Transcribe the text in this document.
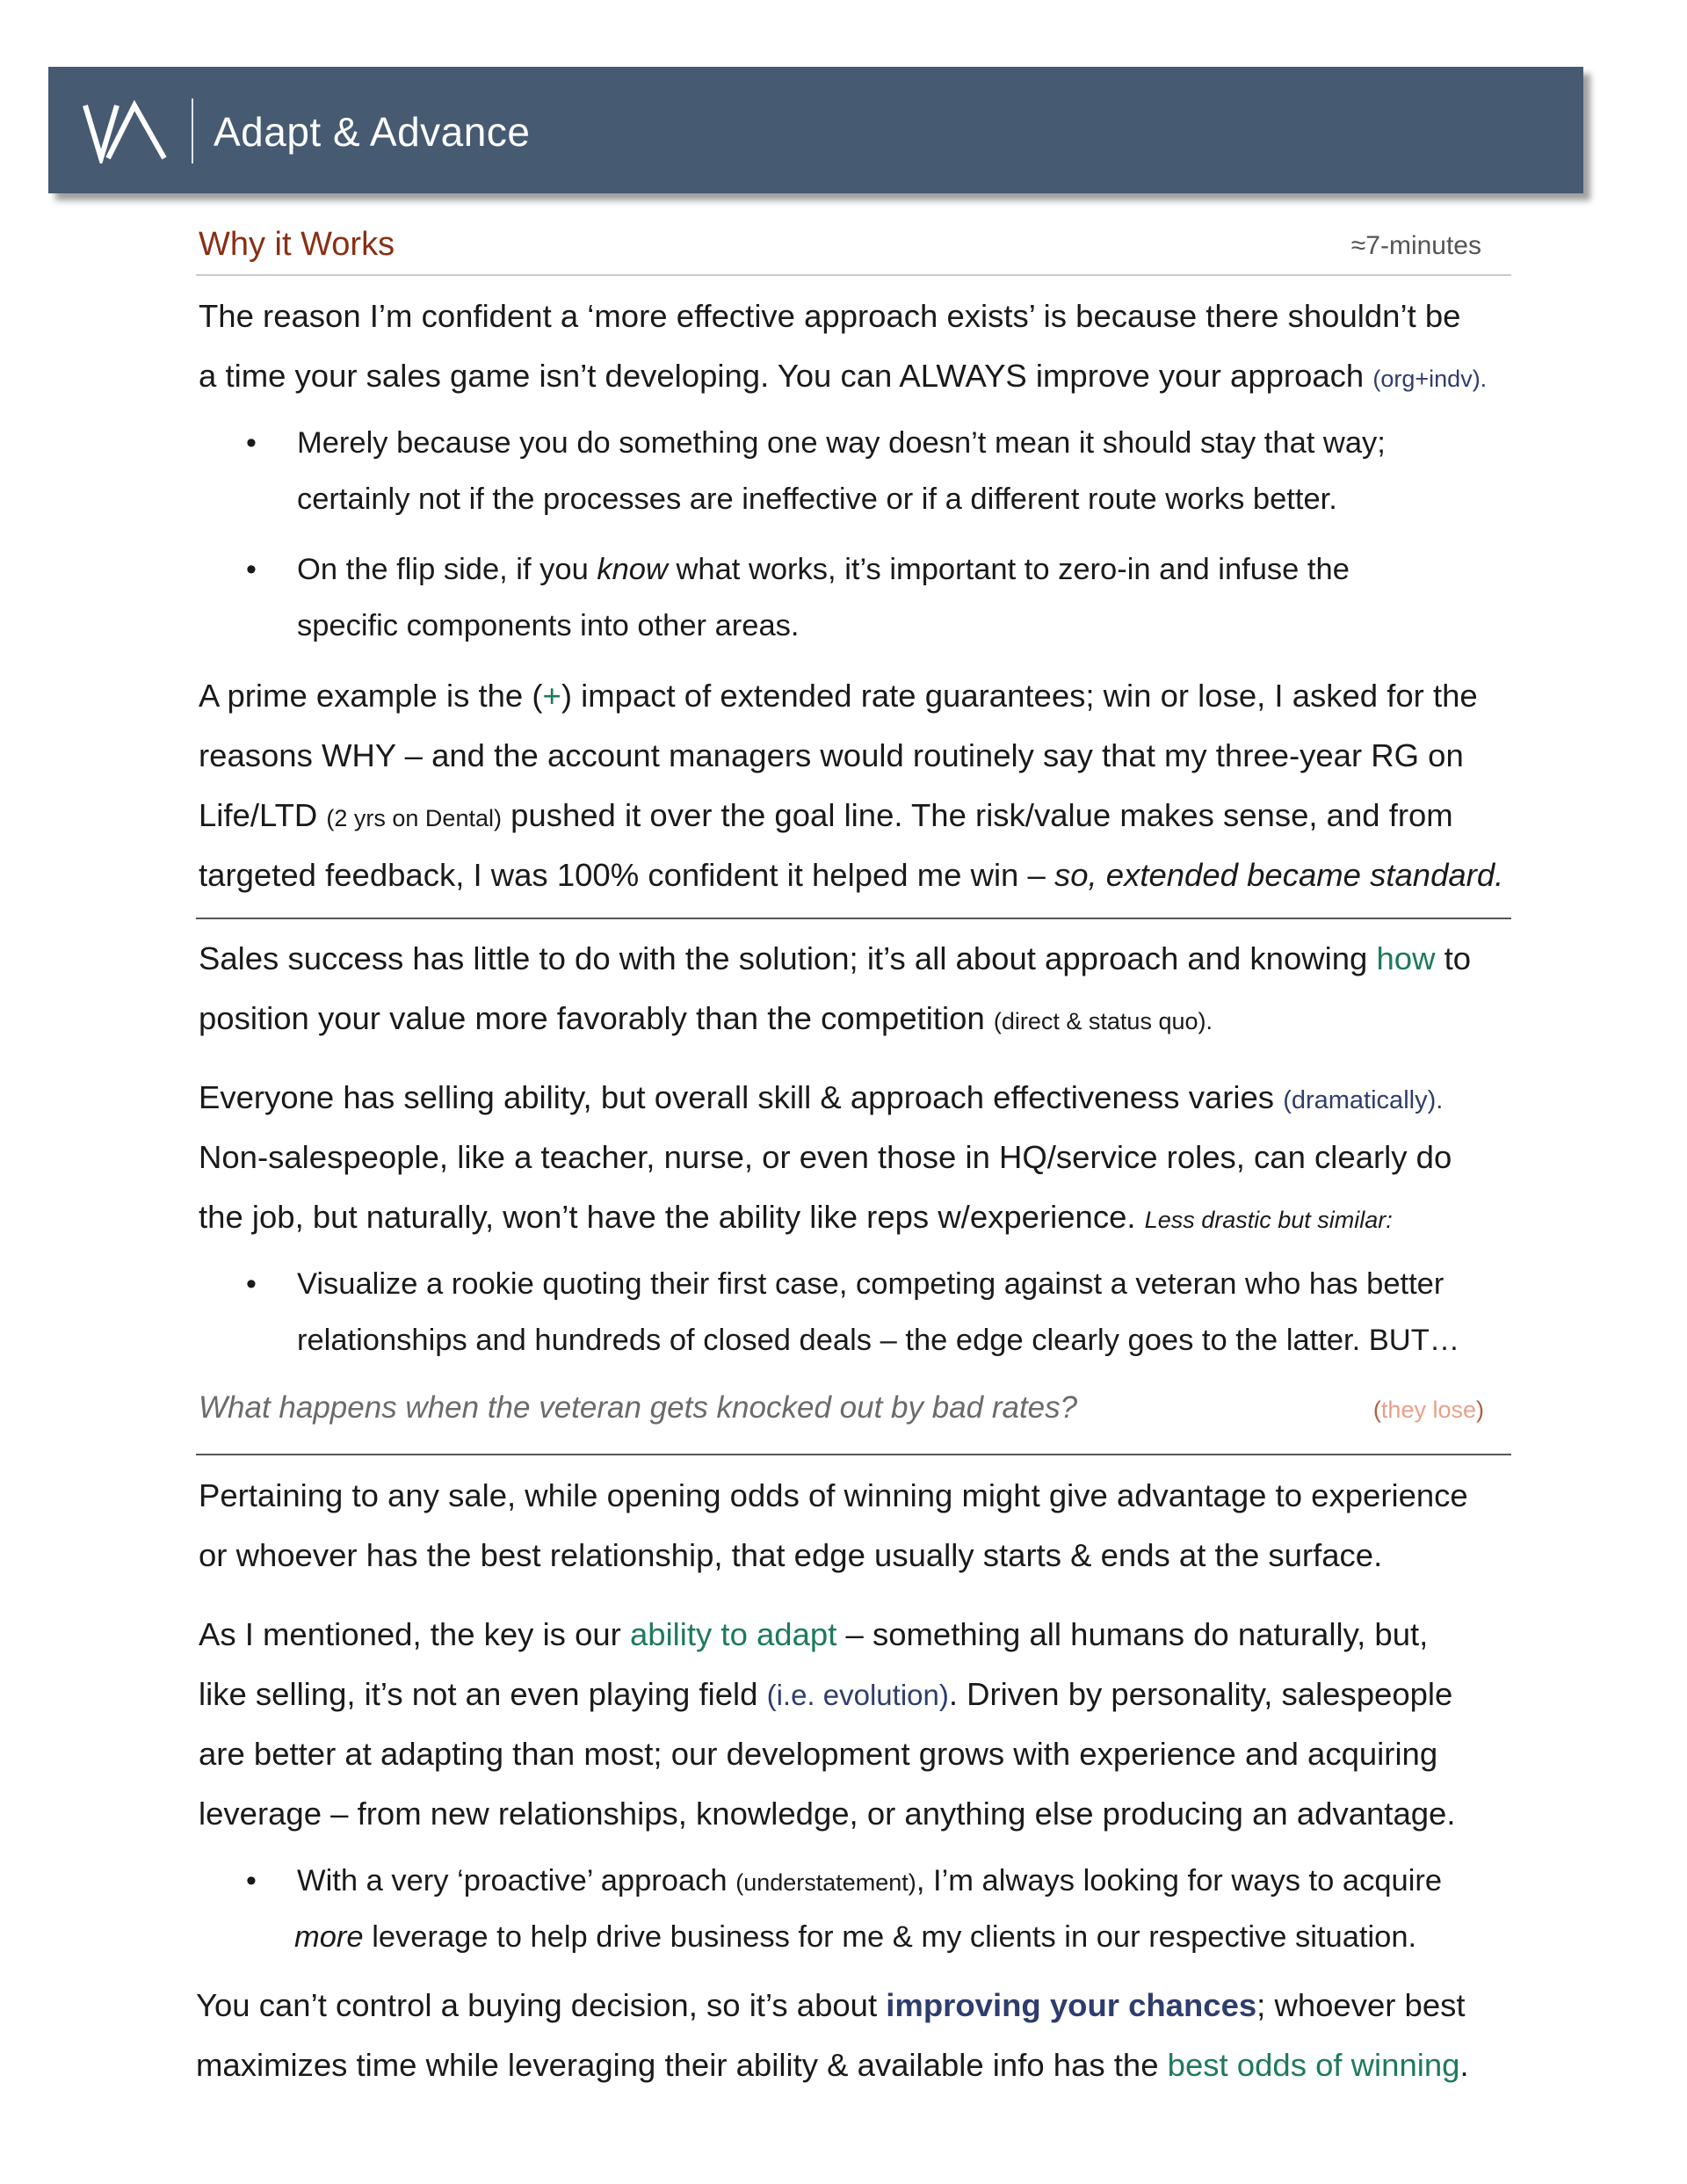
Adapt & Advance
Why it Works	≈7-minutes

The reason I’m confident a ‘more effective approach exists’ is because there shouldn’t be

a time your sales game isn’t developing. You can ALWAYS improve your approach (org+indv).

• Merely because you do something one way doesn’t mean it should stay that way;

certainly not if the processes are ineffective or if a different route works better.

• On the flip side, if you know what works, it’s important to zero-in and infuse the

specific components into other areas.

A prime example is the (+) impact of extended rate guarantees; win or lose, I asked for the

reasons WHY – and the account managers would routinely say that my three-year RG on

Life/LTD (2 yrs on Dental) pushed it over the goal line. The risk/value makes sense, and from

targeted feedback, I was 100% confident it helped me win – so, extended became standard.

Sales success has little to do with the solution; it’s all about approach and knowing how to

position your value more favorably than the competition (direct & status quo).

Everyone has selling ability, but overall skill & approach effectiveness varies (dramatically).

Non-salespeople, like a teacher, nurse, or even those in HQ/service roles, can clearly do

the job, but naturally, won’t have the ability like reps w/experience. Less drastic but similar:

• Visualize a rookie quoting their first case, competing against a veteran who has better

relationships and hundreds of closed deals – the edge clearly goes to the latter. BUT…

What happens when the veteran gets knocked out by bad rates?	(they lose)

Pertaining to any sale, while opening odds of winning might give advantage to experience

or whoever has the best relationship, that edge usually starts & ends at the surface.

As I mentioned, the key is our ability to adapt – something all humans do naturally, but,

like selling, it’s not an even playing field (i.e. evolution). Driven by personality, salespeople

are better at adapting than most; our development grows with experience and acquiring

leverage – from new relationships, knowledge, or anything else producing an advantage.

• With a very ‘proactive’ approach (understatement), I’m always looking for ways to acquire

more leverage to help drive business for me & my clients in our respective situation.

You can’t control a buying decision, so it’s about improving your chances; whoever best

maximizes time while leveraging their ability & available info has the best odds of winning.
